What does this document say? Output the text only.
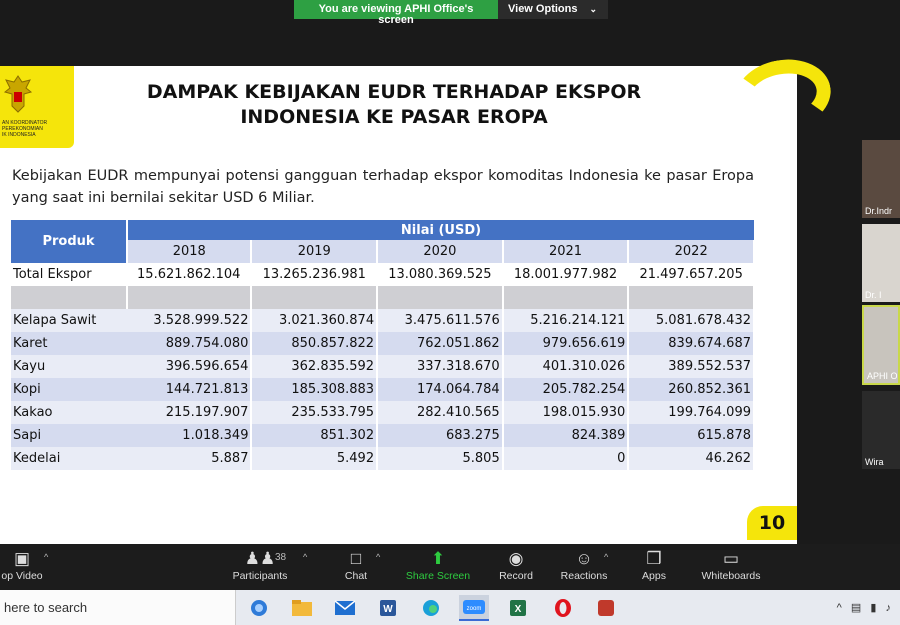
You are viewing APHI Office's screen
View Options ⌄
AN KOORDINATOR
PEREKONOMIAN
IK INDONESIA
DAMPAK KEBIJAKAN EUDR TERHADAP EKSPOR
INDONESIA KE PASAR EROPA
Kebijakan EUDR mempunyai potensi gangguan terhadap ekspor komoditas Indonesia ke pasar Eropa yang saat ini bernilai sekitar USD 6 Miliar.
Produk	Nilai (USD)				
	2018	2019	2020	2021	2022
Total Ekspor	15.621.862.104	13.265.236.981	13.080.369.525	18.001.977.982	21.497.657.205

Kelapa Sawit	3.528.999.522	3.021.360.874	3.475.611.576	5.216.214.121	5.081.678.432
Karet	889.754.080	850.857.822	762.051.862	979.656.619	839.674.687
Kayu	396.596.654	362.835.592	337.318.670	401.310.026	389.552.537
Kopi	144.721.813	185.308.883	174.064.784	205.782.254	260.852.361
Kakao	215.197.907	235.533.795	282.410.565	198.015.930	199.764.099
Sapi	1.018.349	851.302	683.275	824.389	615.878
Kedelai	5.887	5.492	5.805	0	46.262
10
Dr.Indr
Dr. I
APHI O
Wira
▣
op Video
^	♟♟
Participants
38 ^	□
Chat
^	⬆
Share Screen
◉
Record
☺
Reactions
^	❒
Apps
▭
Whiteboards
here to search	W	zoom	X	^ ▤ ▮ ♪
